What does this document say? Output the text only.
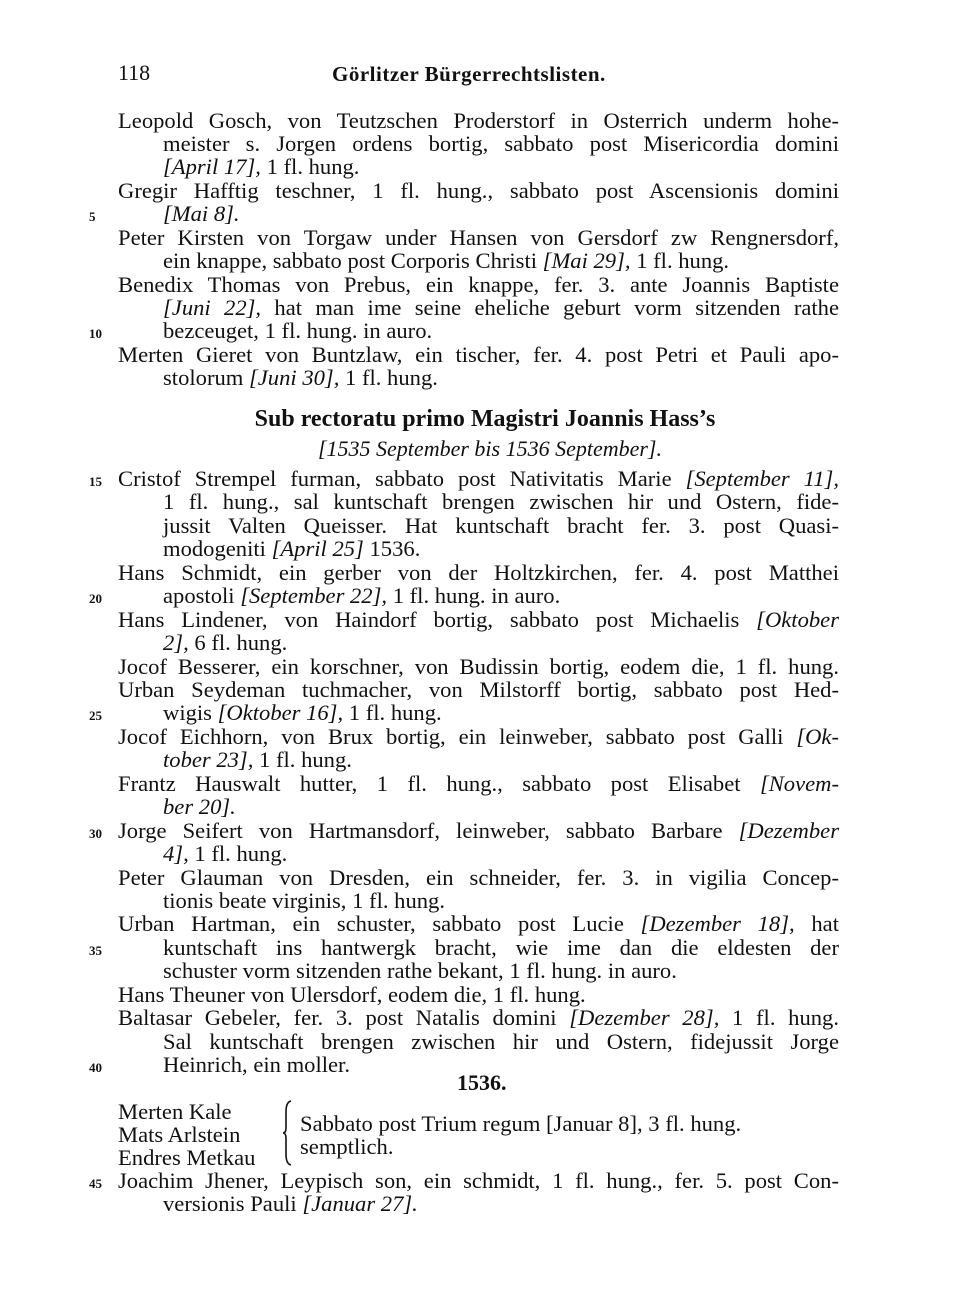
118	Görlitzer Bürgerrechtslisten.
Leopold Gosch, von Teutzschen Proderstorf in Osterrich underm hohe-
meister s. Jorgen ordens bortig, sabbato post Misericordia domini
[April 17], 1 fl. hung.
Gregir Hafftig teschner, 1 fl. hung., sabbato post Ascensionis domini
[Mai 8].
Peter Kirsten von Torgaw under Hansen von Gersdorf zw Rengnersdorf,
ein knappe, sabbato post Corporis Christi [Mai 29], 1 fl. hung.
Benedix Thomas von Prebus, ein knappe, fer. 3. ante Joannis Baptiste
[Juni 22], hat man ime seine eheliche geburt vorm sitzenden rathe
bezceuget, 1 fl. hung. in auro.
Merten Gieret von Buntzlaw, ein tischer, fer. 4. post Petri et Pauli apo-
stolorum [Juni 30], 1 fl. hung.
Sub rectoratu primo Magistri Joannis Hass’s
[1535 September bis 1536 September].
Cristof Strempel furman, sabbato post Nativitatis Marie [September 11],
1 fl. hung., sal kuntschaft brengen zwischen hir und Ostern, fide-
jussit Valten Queisser. Hat kuntschaft bracht fer. 3. post Quasi-
modogeniti [April 25] 1536.
Hans Schmidt, ein gerber von der Holtzkirchen, fer. 4. post Matthei
apostoli [September 22], 1 fl. hung. in auro.
Hans Lindener, von Haindorf bortig, sabbato post Michaelis [Oktober
2], 6 fl. hung.
Jocof Besserer, ein korschner, von Budissin bortig, eodem die, 1 fl. hung.
Urban Seydeman tuchmacher, von Milstorff bortig, sabbato post Hed-
wigis [Oktober 16], 1 fl. hung.
Jocof Eichhorn, von Brux bortig, ein leinweber, sabbato post Galli [Ok-
tober 23], 1 fl. hung.
Frantz Hauswalt hutter, 1 fl. hung., sabbato post Elisabet [Novem-
ber 20].
Jorge Seifert von Hartmansdorf, leinweber, sabbato Barbare [Dezember
4], 1 fl. hung.
Peter Glauman von Dresden, ein schneider, fer. 3. in vigilia Concep-
tionis beate virginis, 1 fl. hung.
Urban Hartman, ein schuster, sabbato post Lucie [Dezember 18], hat
kuntschaft ins hantwergk bracht, wie ime dan die eldesten der
schuster vorm sitzenden rathe bekant, 1 fl. hung. in auro.
Hans Theuner von Ulersdorf, eodem die, 1 fl. hung.
Baltasar Gebeler, fer. 3. post Natalis domini [Dezember 28], 1 fl. hung.
Sal kuntschaft brengen zwischen hir und Ostern, fidejussit Jorge
Heinrich, ein moller.
1536.
Merten Kale
Mats Arlstein
Endres Metkau
Sabbato post Trium regum [Januar 8], 3 fl. hung.
semptlich.
Joachim Jhener, Leypisch son, ein schmidt, 1 fl. hung., fer. 5. post Con-
versionis Pauli [Januar 27].
5
10
15
20
25
30
35
40
45
